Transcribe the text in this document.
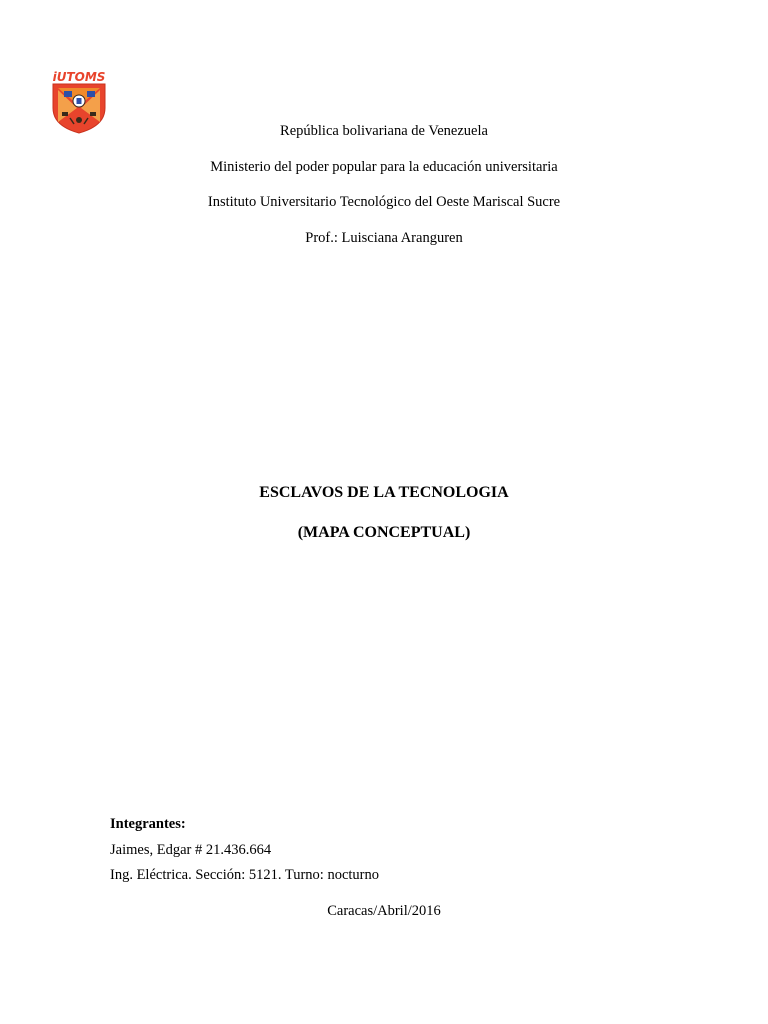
iUTOMS
República bolivariana de Venezuela
Ministerio del poder popular para la educación universitaria
Instituto Universitario Tecnológico del Oeste Mariscal Sucre
Prof.: Luisciana Aranguren
ESCLAVOS DE LA TECNOLOGIA
(MAPA CONCEPTUAL)
Integrantes:
Jaimes, Edgar # 21.436.664
Ing. Eléctrica. Sección: 5121. Turno: nocturno
Caracas/Abril/2016
